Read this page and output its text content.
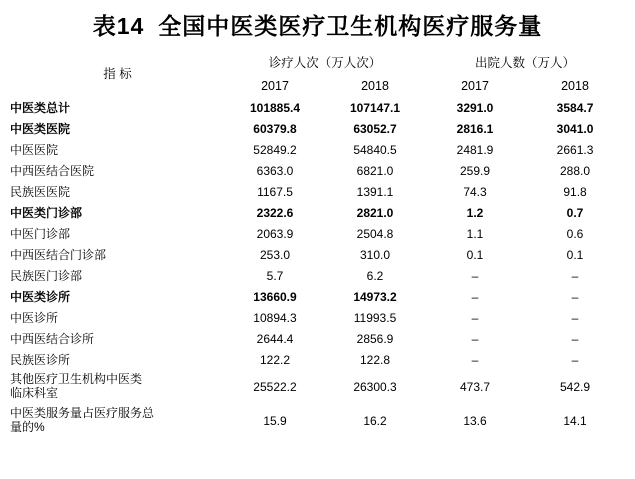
表14 全国中医类医疗卫生机构医疗服务量
指 标	诊疗人次（万人次）		出院人数（万人）	
	2017	2018	2017	2018
中医类总计	101885.4	107147.1	3291.0	3584.7
中医类医院	60379.8	63052.7	2816.1	3041.0
中医医院	52849.2	54840.5	2481.9	2661.3
中西医结合医院	6363.0	6821.0	259.9	288.0
民族医医院	1167.5	1391.1	74.3	91.8
中医类门诊部	2322.6	2821.0	1.2	0.7
中医门诊部	2063.9	2504.8	1.1	0.6
中西医结合门诊部	253.0	310.0	0.1	0.1
民族医门诊部	5.7	6.2	–	–
中医类诊所	13660.9	14973.2	–	–
中医诊所	10894.3	11993.5	–	–
中西医结合诊所	2644.4	2856.9	–	–
民族医诊所	122.2	122.8	–	–
其他医疗卫生机构中医类
临床科室	25522.2	26300.3	473.7	542.9
中医类服务量占医疗服务总
量的%	15.9	16.2	13.6	14.1
